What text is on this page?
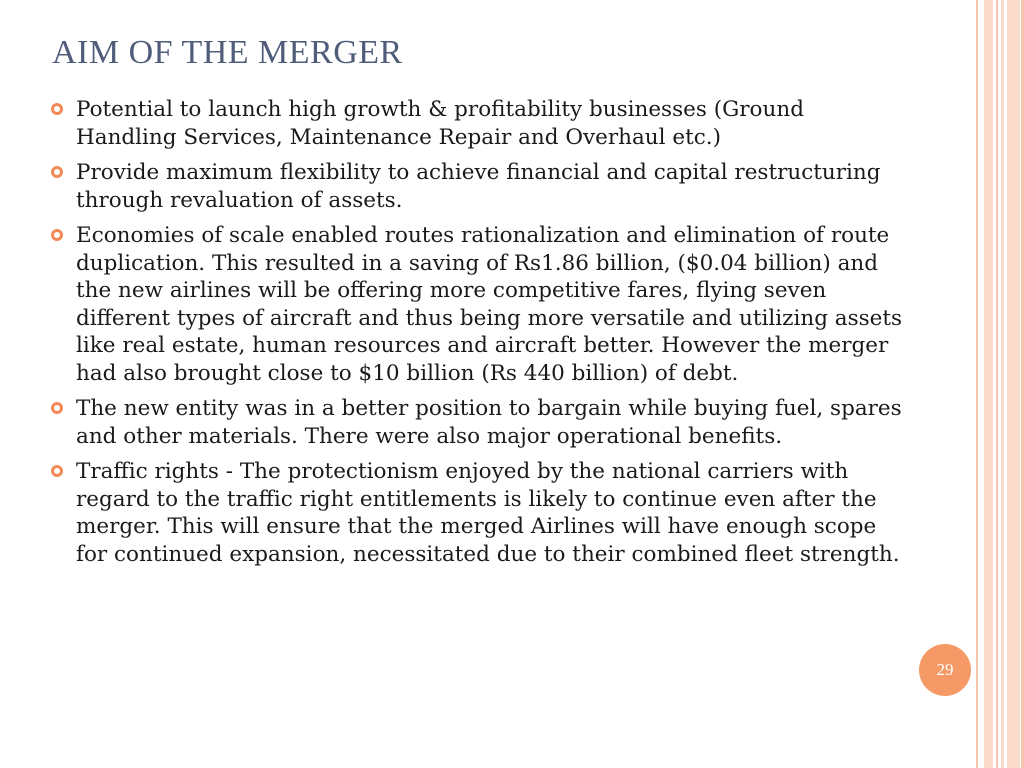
AIM OF THE MERGER
Potential to launch high growth & profitability businesses (Ground Handling Services, Maintenance Repair and Overhaul etc.)
Provide maximum flexibility to achieve financial and capital restructuring through revaluation of assets.
Economies of scale enabled routes rationalization and elimination of route duplication. This resulted in a saving of Rs1.86 billion, ($0.04 billion) and the new airlines will be offering more competitive fares, flying seven different types of aircraft and thus being more versatile and utilizing assets like real estate, human resources and aircraft better. However the merger had also brought close to $10 billion (Rs 440 billion) of debt.
The new entity was in a better position to bargain while buying fuel, spares and other materials. There were also major operational benefits.
Traffic rights - The protectionism enjoyed by the national carriers with regard to the traffic right entitlements is likely to continue even after the merger. This will ensure that the merged Airlines will have enough scope for continued expansion, necessitated due to their combined fleet strength.
29
